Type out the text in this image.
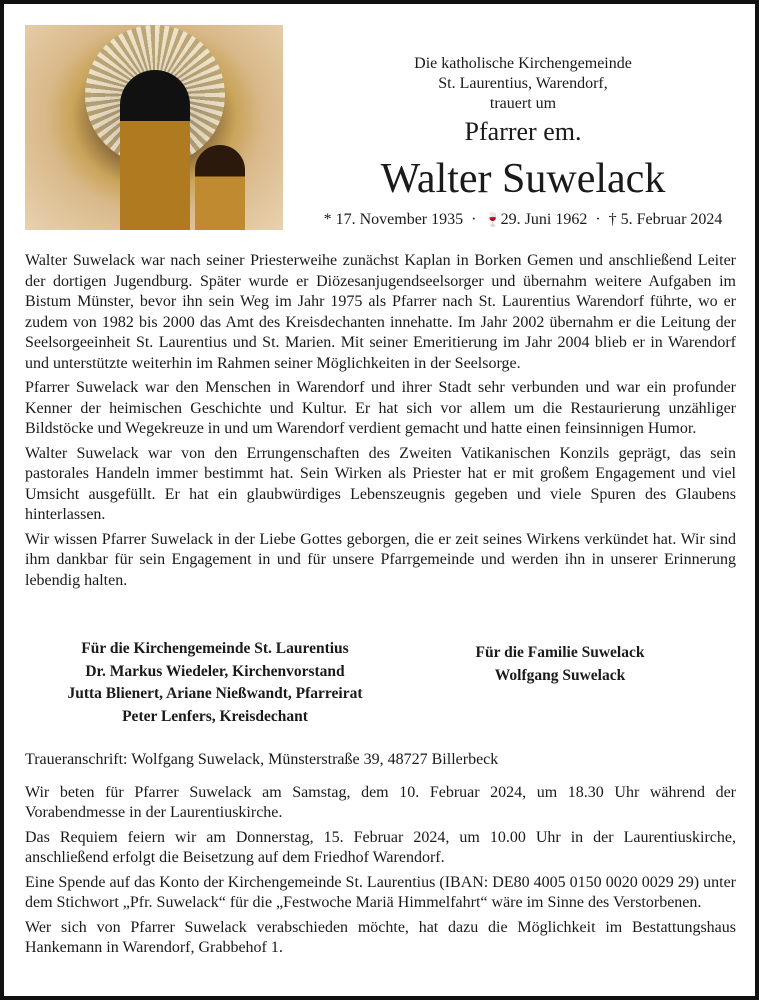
Die katholische Kirchengemeinde
St. Laurentius, Warendorf,
trauert um
Pfarrer em.
Walter Suwelack
* 17. November 1935 · 🍷29. Juni 1962 · † 5. Februar 2024

Walter Suwelack war nach seiner Priesterweihe zunächst Kaplan in Borken Gemen und anschließend Leiter der dortigen Jugendburg. Später wurde er Diözesanjugendseelsorger und übernahm weitere Aufgaben im Bistum Münster, bevor ihn sein Weg im Jahr 1975 als Pfarrer nach St. Laurentius Warendorf führte, wo er zudem von 1982 bis 2000 das Amt des Kreisdechanten innehatte. Im Jahr 2002 übernahm er die Leitung der Seelsorgeeinheit St. Laurentius und St. Marien. Mit seiner Emeritierung im Jahr 2004 blieb er in Warendorf und unterstützte weiterhin im Rahmen seiner Möglichkeiten in der Seelsorge.

Pfarrer Suwelack war den Menschen in Warendorf und ihrer Stadt sehr verbunden und war ein profunder Kenner der heimischen Geschichte und Kultur. Er hat sich vor allem um die Restaurierung unzähliger Bildstöcke und Wegekreuze in und um Warendorf verdient gemacht und hatte einen feinsinnigen Humor.

Walter Suwelack war von den Errungenschaften des Zweiten Vatikanischen Konzils geprägt, das sein pastorales Handeln immer bestimmt hat. Sein Wirken als Priester hat er mit großem Engagement und viel Umsicht ausgefüllt. Er hat ein glaubwürdiges Lebenszeugnis gegeben und viele Spuren des Glaubens hinterlassen.

Wir wissen Pfarrer Suwelack in der Liebe Gottes geborgen, die er zeit seines Wirkens verkündet hat. Wir sind ihm dankbar für sein Engagement in und für unsere Pfarrgemeinde und werden ihn in unserer Erinnerung lebendig halten.

Für die Kirchengemeinde St. Laurentius
Dr. Markus Wiedeler, Kirchenvorstand
Jutta Blienert, Ariane Nießwandt, Pfarreirat
Peter Lenfers, Kreisdechant
Für die Familie Suwelack
Wolfgang Suwelack

Traueranschrift: Wolfgang Suwelack, Münsterstraße 39, 48727 Billerbeck

Wir beten für Pfarrer Suwelack am Samstag, dem 10. Februar 2024, um 18.30 Uhr während der Vorabendmesse in der Laurentiuskirche.

Das Requiem feiern wir am Donnerstag, 15. Februar 2024, um 10.00 Uhr in der Laurentiuskirche, anschließend erfolgt die Beisetzung auf dem Friedhof Warendorf.

Eine Spende auf das Konto der Kirchengemeinde St. Laurentius (IBAN: DE80 4005 0150 0020 0029 29) unter dem Stichwort „Pfr. Suwelack“ für die „Festwoche Mariä Himmelfahrt“ wäre im Sinne des Verstorbenen.

Wer sich von Pfarrer Suwelack verabschieden möchte, hat dazu die Möglichkeit im Bestattungshaus Hankemann in Warendorf, Grabbehof 1.
